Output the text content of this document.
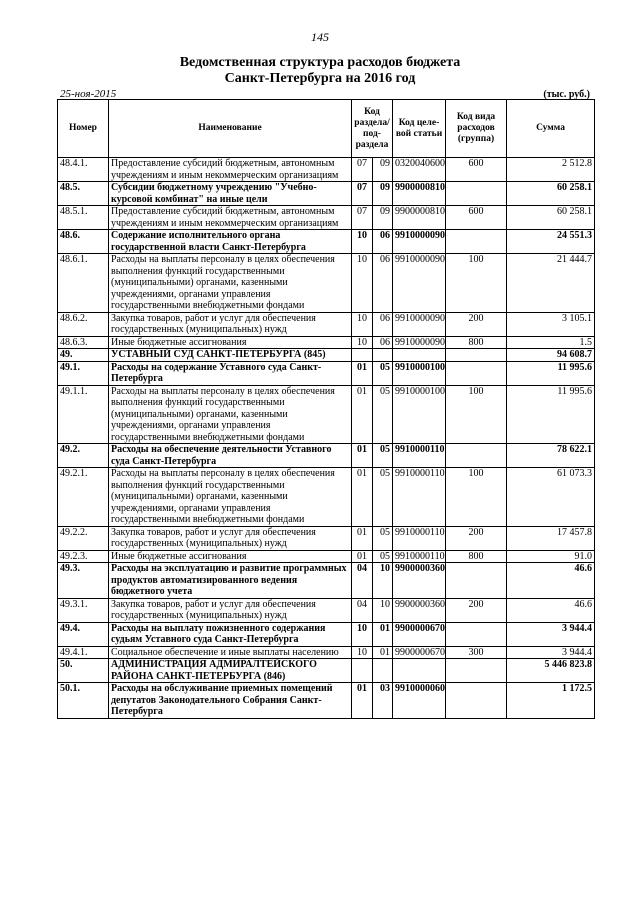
145
Ведомственная структура расходов бюджета
Санкт-Петербурга на 2016 год
25-ноя-2015	(тыс. руб.)
Номер	Наименование	Код раздела/ под-раздела		Код целе-вой статьи	Код вида расходов (группа)	Сумма
48.4.1.	Предоставление субсидий бюджетным, автономным учреждениям и иным некоммерческим организациям	07	09	0320040600	600	2 512.8
48.5.	Субсидии бюджетному учреждению "Учебно-курсовой комбинат" на иные цели	07	09	9900000810		60 258.1
48.5.1.	Предоставление субсидий бюджетным, автономным учреждениям и иным некоммерческим организациям	07	09	9900000810	600	60 258.1
48.6.	Содержание исполнительного органа государственной власти Санкт-Петербурга	10	06	9910000090		24 551.3
48.6.1.	Расходы на выплаты персоналу в целях обеспечения выполнения функций государственными (муниципальными) органами, казенными учреждениями, органами управления государственными внебюджетными фондами	10	06	9910000090	100	21 444.7
48.6.2.	Закупка товаров, работ и услуг для обеспечения государственных (муниципальных) нужд	10	06	9910000090	200	3 105.1
48.6.3.	Иные бюджетные ассигнования	10	06	9910000090	800	1.5
49.	УСТАВНЫЙ СУД САНКТ-ПЕТЕРБУРГА (845)					94 608.7
49.1.	Расходы на содержание Уставного суда Санкт-Петербурга	01	05	9910000100		11 995.6
49.1.1.	Расходы на выплаты персоналу в целях обеспечения выполнения функций государственными (муниципальными) органами, казенными учреждениями, органами управления государственными внебюджетными фондами	01	05	9910000100	100	11 995.6
49.2.	Расходы на обеспечение деятельности Уставного суда Санкт-Петербурга	01	05	9910000110		78 622.1
49.2.1.	Расходы на выплаты персоналу в целях обеспечения выполнения функций государственными (муниципальными) органами, казенными учреждениями, органами управления государственными внебюджетными фондами	01	05	9910000110	100	61 073.3
49.2.2.	Закупка товаров, работ и услуг для обеспечения государственных (муниципальных) нужд	01	05	9910000110	200	17 457.8
49.2.3.	Иные бюджетные ассигнования	01	05	9910000110	800	91.0
49.3.	Расходы на эксплуатацию и развитие программных продуктов автоматизированного ведения бюджетного учета	04	10	9900000360		46.6
49.3.1.	Закупка товаров, работ и услуг для обеспечения государственных (муниципальных) нужд	04	10	9900000360	200	46.6
49.4.	Расходы на выплату пожизненного содержания судьям Уставного суда Санкт-Петербурга	10	01	9900000670		3 944.4
49.4.1.	Социальное обеспечение и иные выплаты населению	10	01	9900000670	300	3 944.4
50.	АДМИНИСТРАЦИЯ АДМИРАЛТЕЙСКОГО РАЙОНА САНКТ-ПЕТЕРБУРГА (846)					5 446 823.8
50.1.	Расходы на обслуживание приемных помещений депутатов Законодательного Собрания Санкт-Петербурга	01	03	9910000060		1 172.5
